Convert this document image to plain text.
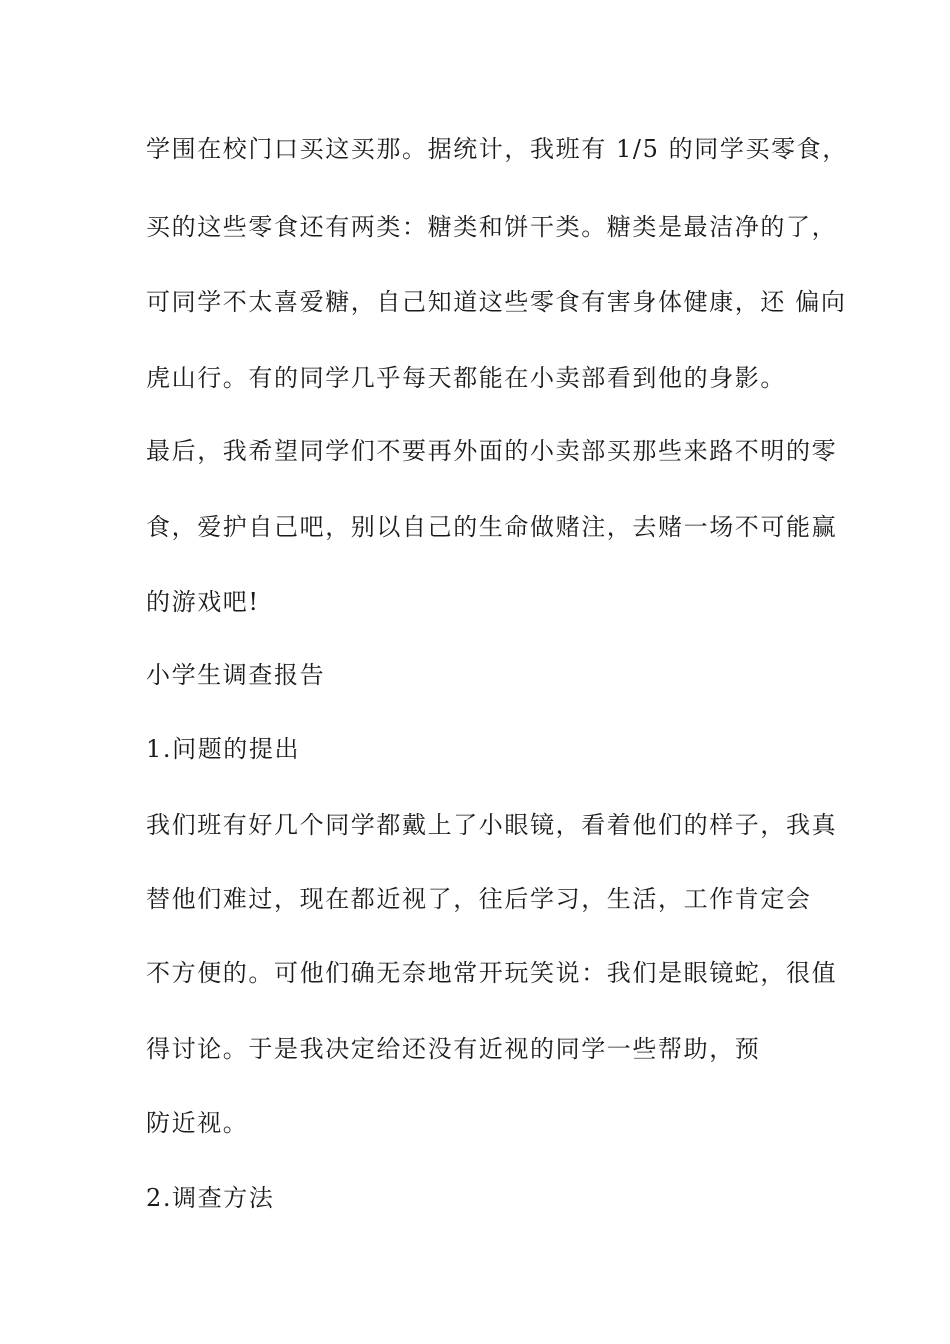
学围在校门口买这买那。据统计，我班有 1/5 的同学买零食，
买的这些零食还有两类：糖类和饼干类。糖类是最洁净的了，
可同学不太喜爱糖，自己知道这些零食有害身体健康，还 偏向
虎山行。有的同学几乎每天都能在小卖部看到他的身影。
最后，我希望同学们不要再外面的小卖部买那些来路不明的零
食，爱护自己吧，别以自己的生命做赌注，去赌一场不可能赢
的游戏吧!
小学生调查报告
1.问题的提出
我们班有好几个同学都戴上了小眼镜，看着他们的样子，我真
替他们难过，现在都近视了，往后学习，生活，工作肯定会
不方便的。可他们确无奈地常开玩笑说：我们是眼镜蛇，很值
得讨论。于是我决定给还没有近视的同学一些帮助，预
防近视。
2.调查方法
